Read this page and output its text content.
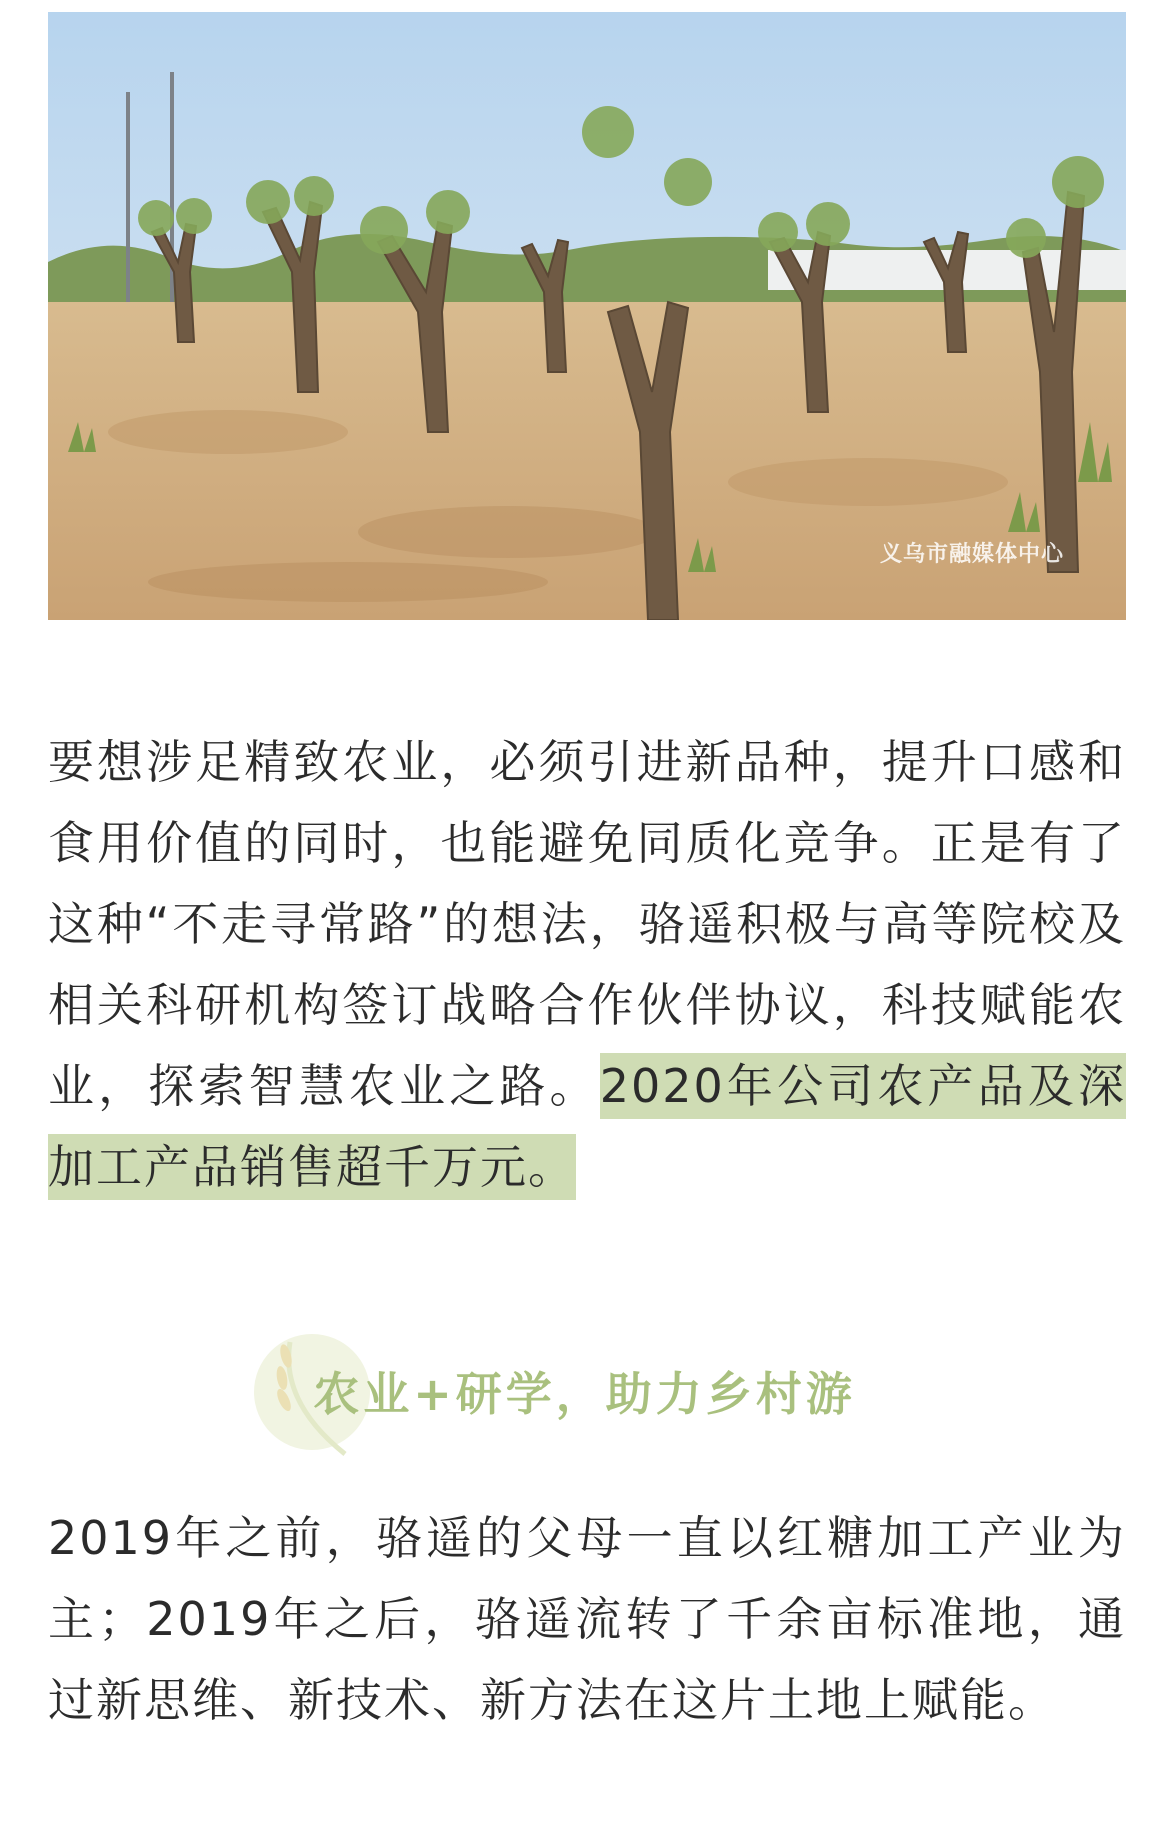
义乌市融媒体中心

要想涉足精致农业，必须引进新品种，提升口感和食用价值的同时，也能避免同质化竞争。正是有了这种“不走寻常路”的想法，骆遥积极与高等院校及相关科研机构签订战略合作伙伴协议，科技赋能农业，探索智慧农业之路。2020年公司农产品及深加工产品销售超千万元。

农业+研学，助力乡村游

2019年之前，骆遥的父母一直以红糖加工产业为主；2019年之后，骆遥流转了千余亩标准地，通过新思维、新技术、新方法在这片土地上赋能。
